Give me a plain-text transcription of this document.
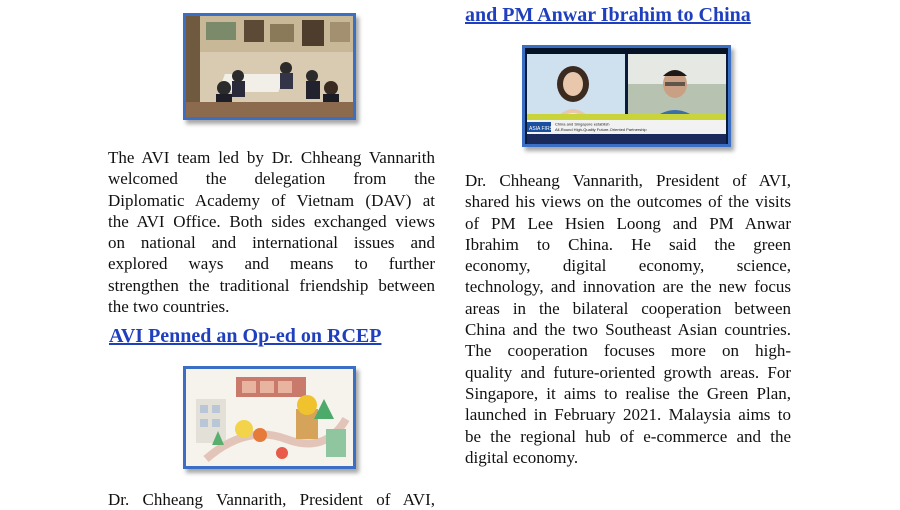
and PM Anwar Ibrahim to China
The AVI team led by Dr. Chheang Vannarith
welcomed the delegation from the
Diplomatic Academy of Vietnam (DAV) at
the AVI Office. Both sides exchanged views
on national and international issues and
explored ways and means to further
strengthen the traditional friendship between
the two countries.
AVI Penned an Op-ed on RCEP
Dr. Chheang Vannarith, President of AVI,
ASIA FIRST
China and Singapore establish
All-Round High-Quality Future-Oriented Partnership
Dr. Chheang Vannarith, President of AVI,
shared his views on the outcomes of the visits
of PM Lee Hsien Loong and PM Anwar
Ibrahim to China. He said the green
economy, digital economy, science,
technology, and innovation are the new focus
areas in the bilateral cooperation between
China and the two Southeast Asian countries.
The cooperation focuses more on high-
quality and future-oriented growth areas. For
Singapore, it aims to realise the Green Plan,
launched in February 2021. Malaysia aims to
be the regional hub of e-commerce and the
digital economy.
